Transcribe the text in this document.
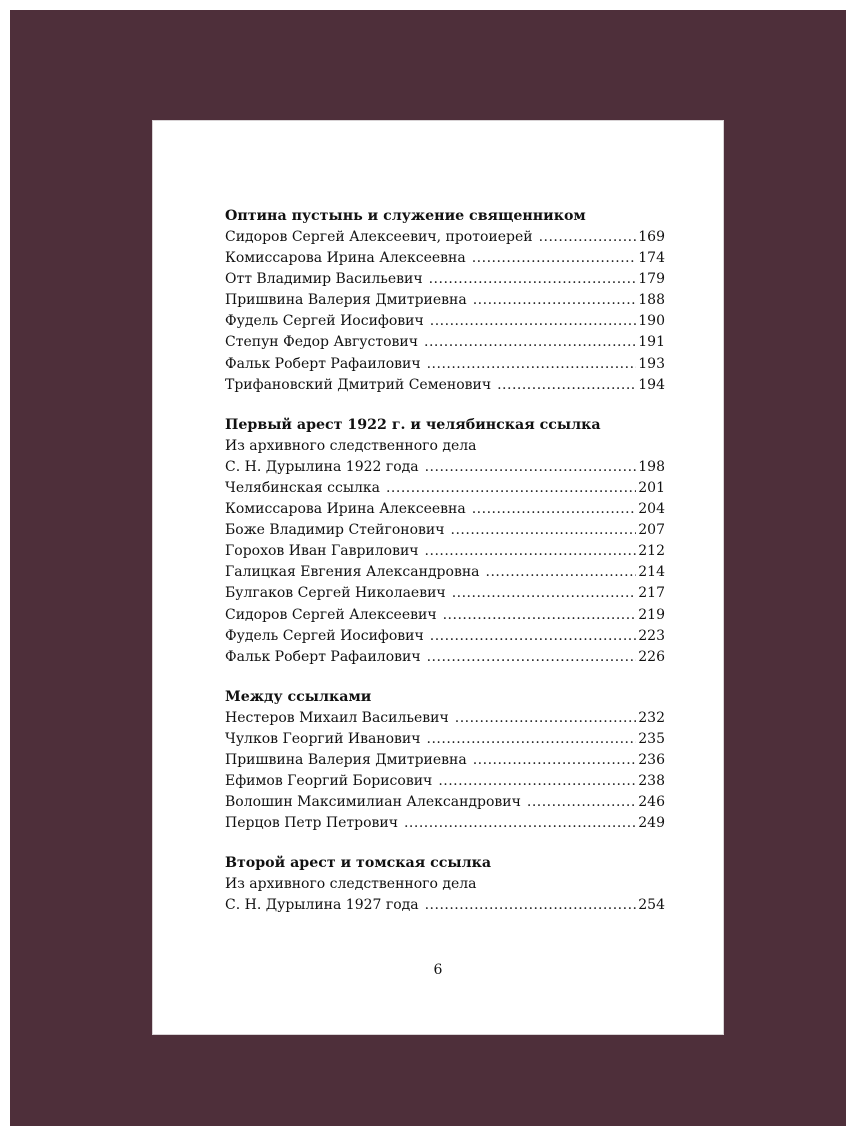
Оптина пустынь и служение священником
Сидоров Сергей Алексеевич, протоиерей .....	169
Комиссарова Ирина Алексеевна .....	174
Отт Владимир Васильевич .....	179
Пришвина Валерия Дмитриевна .....	188
Фудель Сергей Иосифович .....	190
Степун Федор Августович .....	191
Фальк Роберт Рафаилович .....	193
Трифановский Дмитрий Семенович .....	194
Первый арест 1922 г. и челябинская ссылка
Из архивного следственного дела
С. Н. Дурылина 1922 года .....	198
Челябинская ссылка .....	201
Комиссарова Ирина Алексеевна .....	204
Боже Владимир Стейгонович .....	207
Горохов Иван Гаврилович .....	212
Галицкая Евгения Александровна .....	214
Булгаков Сергей Николаевич .....	217
Сидоров Сергей Алексеевич .....	219
Фудель Сергей Иосифович .....	223
Фальк Роберт Рафаилович .....	226
Между ссылками
Нестеров Михаил Васильевич .....	232
Чулков Георгий Иванович .....	235
Пришвина Валерия Дмитриевна .....	236
Ефимов Георгий Борисович .....	238
Волошин Максимилиан Александрович .....	246
Перцов Петр Петрович .....	249
Второй арест и томская ссылка
Из архивного следственного дела
С. Н. Дурылина 1927 года .....	254
6
